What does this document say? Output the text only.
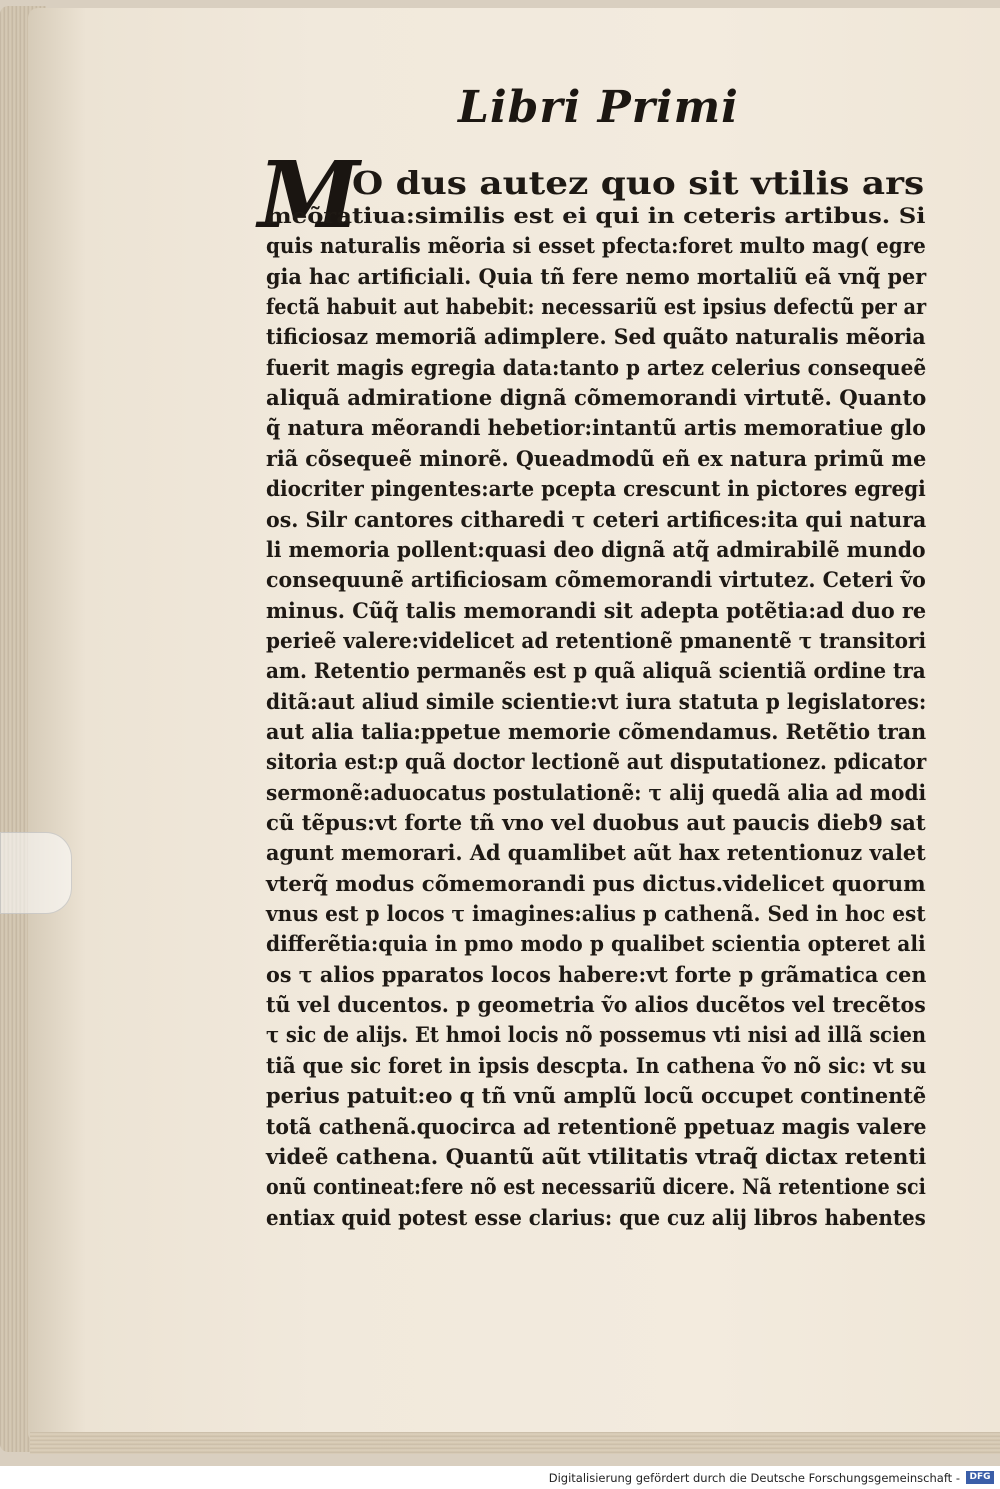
Libri Primi
M
O dus autez quo sit vtilis ars
meõratiua:similis est ei qui in ceteris artibus. Si
quis naturalis mẽoria si esset pfecta:foret multo mag( egre
gia hac artificiali. Quia tñ fere nemo mortaliũ eã vnq̃ per
fectã habuit aut habebit: necessariũ est ipsius defectũ per ar
tificiosaz memoriã adimplere. Sed quãto naturalis mẽoria
fuerit magis egregia data:tanto p artez celerius consequeẽ
aliquã admiratione dignã cõmemorandi virtutẽ. Quanto
q̃ natura mẽorandi hebetior:intantũ artis memoratiue glo
riã cõsequeẽ minorẽ. Queadmodũ eñ ex natura primũ me
diocriter pingentes:arte pcepta crescunt in pictores egregi
os. Silr cantores citharedi τ ceteri artifices:ita qui natura
li memoria pollent:quasi deo dignã atq̃ admirabilẽ mundo
consequunẽ artificiosam cõmemorandi virtutez. Ceteri ṽo
minus. Cũq̃ talis memorandi sit adepta potẽtia:ad duo re
perieẽ valere:videlicet ad retentionẽ pmanentẽ τ transitori
am. Retentio permanẽs est p quã aliquã scientiã ordine tra
ditã:aut aliud simile scientie:vt iura statuta p legislatores:
aut alia talia:ppetue memorie cõmendamus. Retẽtio tran
sitoria est:p quã doctor lectionẽ aut disputationez. pdicator
sermonẽ:aduocatus postulationẽ: τ alij quedã alia ad modi
cũ tẽpus:vt forte tñ vno vel duobus aut paucis dieb9 sat
agunt memorari. Ad quamlibet aũt hax retentionuz valet
vterq̃ modus cõmemorandi pus dictus.videlicet quorum
vnus est p locos τ imagines:alius p cathenã. Sed in hoc est
differẽtia:quia in pmo modo p qualibet scientia opteret ali
os τ alios pparatos locos habere:vt forte p grãmatica cen
tũ vel ducentos. p geometria ṽo alios ducẽtos vel trecẽtos
τ sic de alijs. Et hmoi locis nõ possemus vti nisi ad illã scien
tiã que sic foret in ipsis descpta. In cathena ṽo nõ sic: vt su
perius patuit:eo q tñ vnũ amplũ locũ occupet continentẽ
totã cathenã.quocirca ad retentionẽ ppetuaz magis valere
videẽ cathena. Quantũ aũt vtilitatis vtraq̃ dictax retenti
onũ contineat:fere nõ est necessariũ dicere. Nã retentione sci
entiax quid potest esse clarius: que cuz alij libros habentes
Digitalisierung gefördert durch die Deutsche Forschungsgemeinschaft -	DFG
